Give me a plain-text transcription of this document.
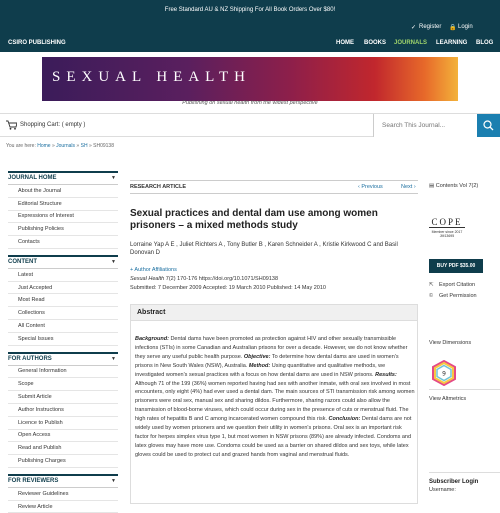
Free Standard AU & NZ Shipping For All Book Orders Over $80!
✓ Register 🔒 Login
CSIRO PUBLISHING	HOME BOOKS JOURNALS LEARNING BLOG
SEXUAL HEALTH
Publishing on sexual health from the widest perspective
Shopping Cart: ( empty )
Search This Journal...
You are here: Home » Journals » SH » SH09138
JOURNAL HOME ▼
About the Journal
Editorial Structure
Expressions of Interest
Publishing Policies
Contacts
CONTENT ▼
Latest
Just Accepted
Most Read
Collections
All Content
Special Issues
FOR AUTHORS ▼
General Information
Scope
Submit Article
Author Instructions
Licence to Publish
Open Access
Read and Publish
Publishing Charges
FOR REVIEWERS ▼
Reviewer Guidelines
Review Article
RESEARCH ARTICLE	‹ Previous	Next ›
Sexual practices and dental dam use among women prisoners – a mixed methods study
Lorraine Yap A E , Juliet Richters A , Tony Butler B , Karen Schneider A , Kristie Kirkwood C and Basil Donovan D
+ Author Affiliations
Sexual Health 7(2) 170-176 https://doi.org/10.1071/SH09138
Submitted: 7 December 2009 Accepted: 19 March 2010 Published: 14 May 2010
Abstract
Background: Dental dams have been promoted as protection against HIV and other sexually transmissible infections (STIs) in some Canadian and Australian prisons for over a decade. However, we do not know whether they serve any useful public health purpose. Objective: To determine how dental dams are used in women's prisons in New South Wales (NSW), Australia. Method: Using quantitative and qualitative methods, we investigated women's sexual practices with a focus on how dental dams are used in NSW prisons. Results: Although 71 of the 199 (36%) women reported having had sex with another inmate, with oral sex involved in most encounters, only eight (4%) had ever used a dental dam. The main sources of STI transmission risk among women prisoners were oral sex, manual sex and sharing dildos. Furthermore, sharing razors could also allow the transmission of blood-borne viruses, which could occur during sex in the presence of cuts or menstrual fluid. The high rates of hepatitis B and C among incarcerated women compound this risk. Conclusion: Dental dams are not widely used by women prisoners and we question their utility in women's prisons. Oral sex is an important risk factor for herpes simplex virus type 1, but most women in NSW prisons (89%) are already infected. Condoms and latex gloves may have more use. Condoms could be used as a barrier on shared dildos and sex toys, while latex gloves could be used to protect cut and grazed hands from vaginal and menstrual fluids.
▤ Contents Vol 7(2)
COPE
Member since 2017
JM13695
BUY PDF $35.00
⇱ Export Citation
© Get Permission
View Dimensions
9
View Altmetrics
Subscriber Login
Username:
